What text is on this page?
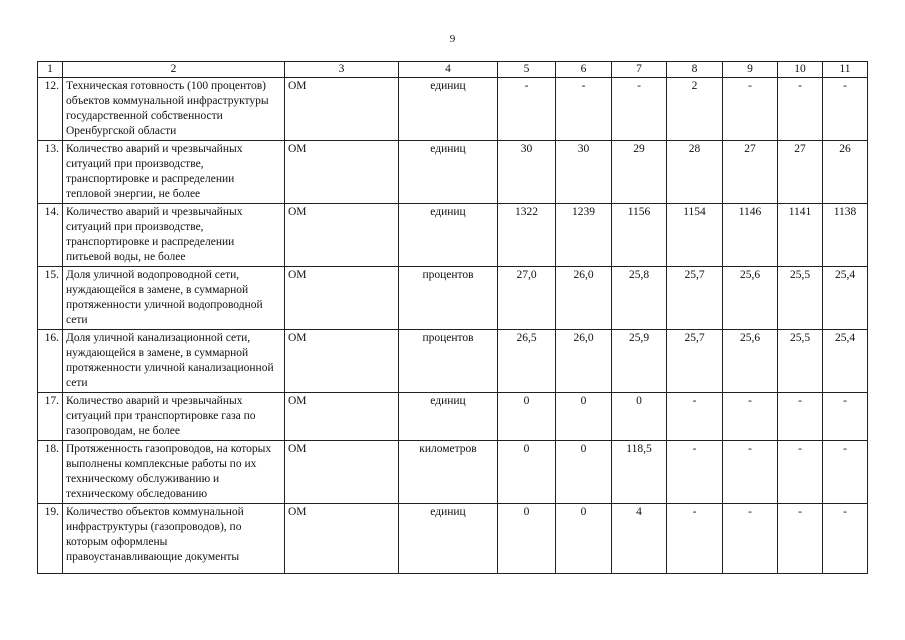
9
1	2	3	4	5	6	7	8	9	10	11
12.	Техническая готовность (100 процентов) объектов коммунальной инфраструктуры государственной собственности Оренбургской области	ОМ	единиц	-	-	-	2	-	-	-
13.	Количество аварий и чрезвычайных ситуаций при производстве, транспортировке и распределении тепловой энергии, не более	ОМ	единиц	30	30	29	28	27	27	26
14.	Количество аварий и чрезвычайных ситуаций при производстве, транспортировке и распределении питьевой воды, не более	ОМ	единиц	1322	1239	1156	1154	1146	1141	1138
15.	Доля уличной водопроводной сети, нуждающейся в замене, в суммарной протяженности уличной водопроводной сети	ОМ	процентов	27,0	26,0	25,8	25,7	25,6	25,5	25,4
16.	Доля уличной канализационной сети, нуждающейся в замене, в суммарной протяженности уличной канализационной сети	ОМ	процентов	26,5	26,0	25,9	25,7	25,6	25,5	25,4
17.	Количество аварий и чрезвычайных ситуаций при транспортировке газа по газопроводам, не более	ОМ	единиц	0	0	0	-	-	-	-
18.	Протяженность газопроводов, на которых выполнены комплексные работы по их техническому обслуживанию и техническому обследованию	ОМ	километров	0	0	118,5	-	-	-	-
19.	Количество объектов коммунальной инфраструктуры (газопроводов), по которым оформлены правоустанавливающие документы	ОМ	единиц	0	0	4	-	-	-	-
